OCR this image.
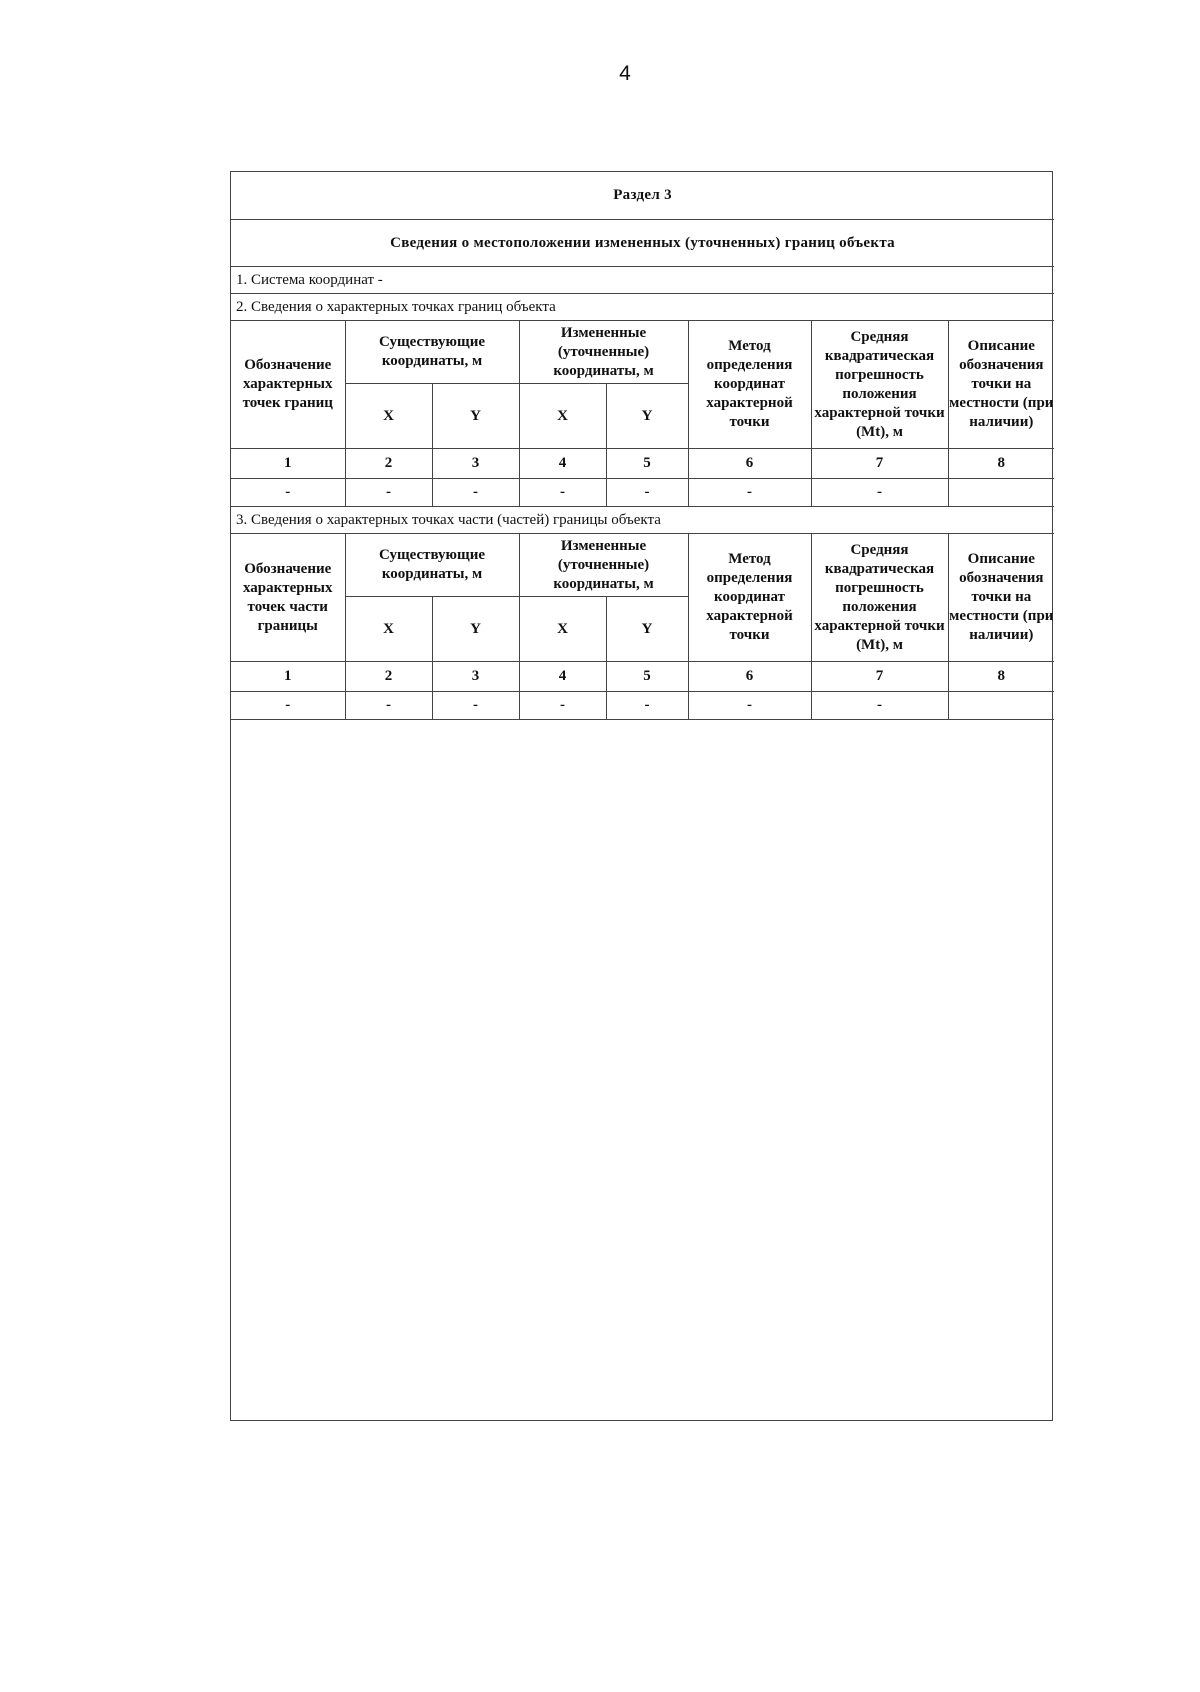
4
Раздел 3							
Сведения о местоположении измененных (уточненных) границ объекта							
1. Система координат -							
2. Сведения о характерных точках границ объекта							
Обозначение характерных точек границ	Существующие координаты, м		Измененные (уточненные) координаты, м		Метод определения координат характерной точки	Средняя квадратическая погрешность положения характерной точки (Mt), м	Описание обозначения точки на местности (при наличии)
	X	Y	X	Y			
1	2	3	4	5	6	7	8
-	-	-	-	-	-	-	
3. Сведения о характерных точках части (частей) границы объекта							
Обозначение характерных точек части границы	Существующие координаты, м		Измененные (уточненные) координаты, м		Метод определения координат характерной точки	Средняя квадратическая погрешность положения характерной точки (Mt), м	Описание обозначения точки на местности (при наличии)
	X	Y	X	Y			
1	2	3	4	5	6	7	8
-	-	-	-	-	-	-	
